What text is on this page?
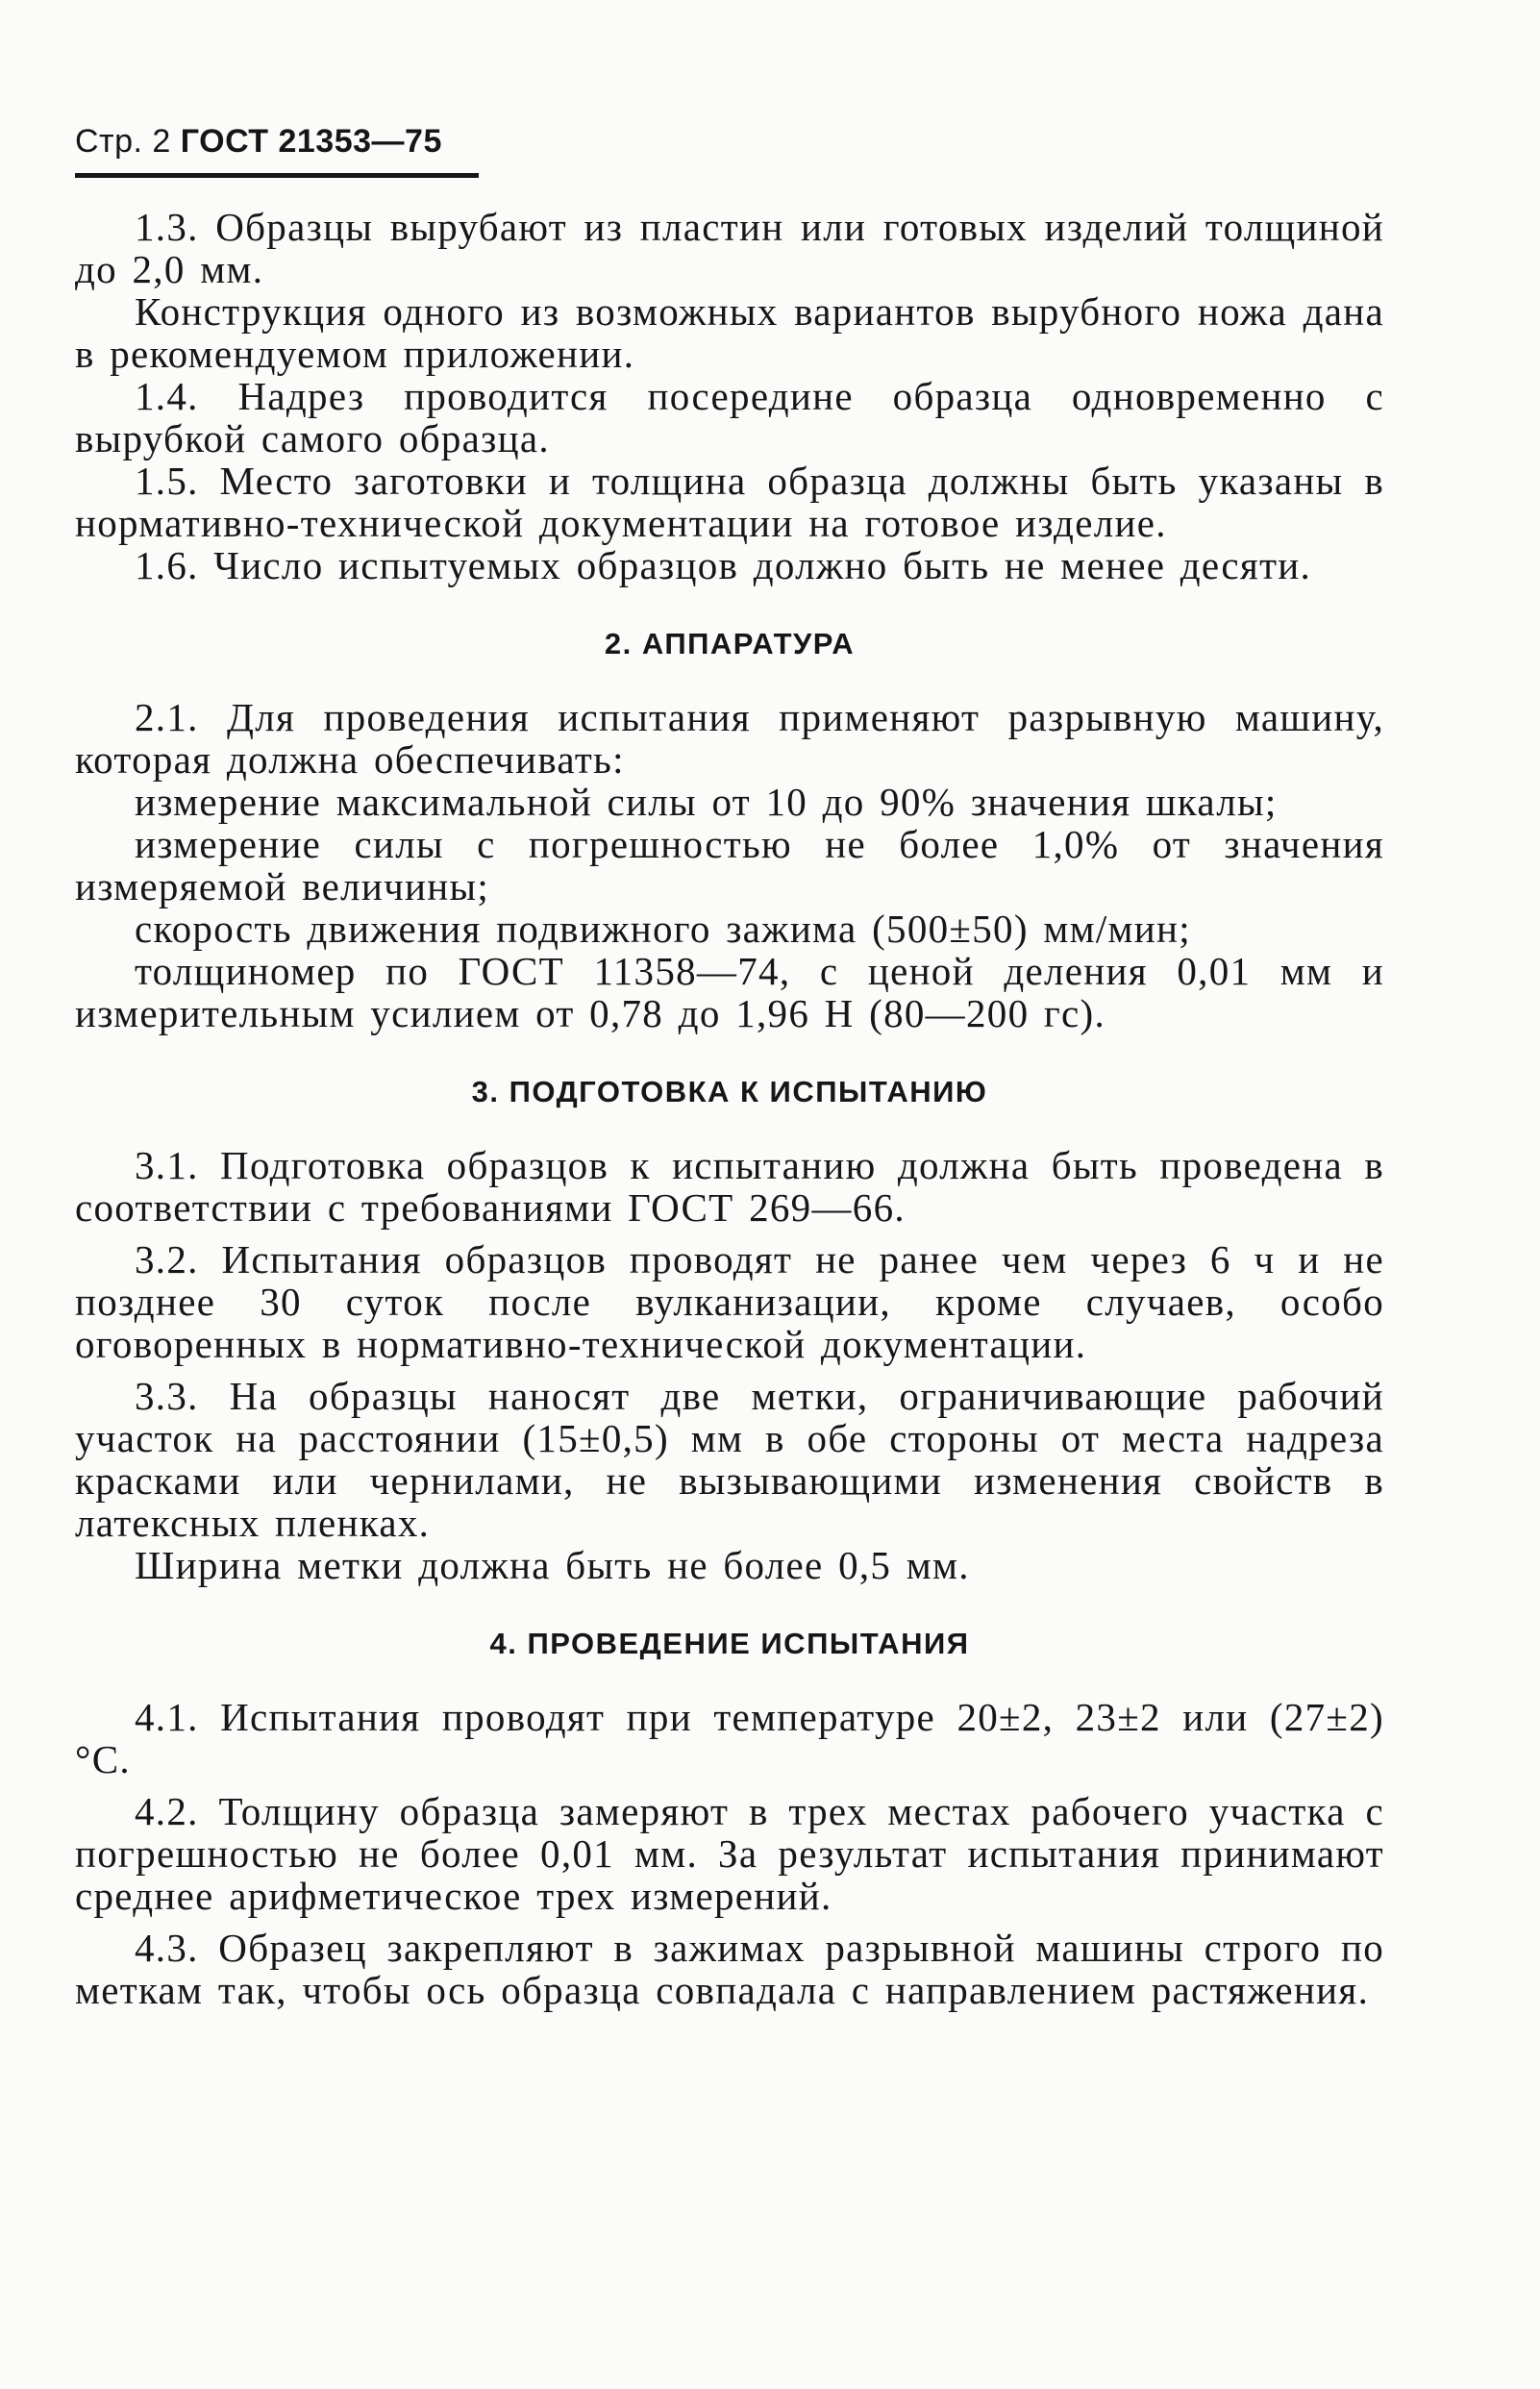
Стр. 2 ГОСТ 21353—75

1.3. Образцы вырубают из пластин или готовых изделий толщиной до 2,0 мм.

Конструкция одного из возможных вариантов вырубного ножа дана в рекомендуемом приложении.

1.4. Надрез проводится посередине образца одновременно с вырубкой самого образца.

1.5. Место заготовки и толщина образца должны быть указаны в нормативно-технической документации на готовое изделие.

1.6. Число испытуемых образцов должно быть не менее десяти.

2. АППАРАТУРА

2.1. Для проведения испытания применяют разрывную машину, которая должна обеспечивать:

измерение максимальной силы от 10 до 90% значения шкалы;

измерение силы с погрешностью не более 1,0% от значения измеряемой величины;

скорость движения подвижного зажима (500±50) мм/мин;

толщиномер по ГОСТ 11358—74, с ценой деления 0,01 мм и измерительным усилием от 0,78 до 1,96 Н (80—200 гс).

3. ПОДГОТОВКА К ИСПЫТАНИЮ

3.1. Подготовка образцов к испытанию должна быть проведена в соответствии с требованиями ГОСТ 269—66.

3.2. Испытания образцов проводят не ранее чем через 6 ч и не позднее 30 суток после вулканизации, кроме случаев, особо оговоренных в нормативно-технической документации.

3.3. На образцы наносят две метки, ограничивающие рабочий участок на расстоянии (15±0,5) мм в обе стороны от места надреза красками или чернилами, не вызывающими изменения свойств в латексных пленках.

Ширина метки должна быть не более 0,5 мм.

4. ПРОВЕДЕНИЕ ИСПЫТАНИЯ

4.1. Испытания проводят при температуре 20±2, 23±2 или (27±2)°С.

4.2. Толщину образца замеряют в трех местах рабочего участка с погрешностью не более 0,01 мм. За результат испытания принимают среднее арифметическое трех измерений.

4.3. Образец закрепляют в зажимах разрывной машины строго по меткам так, чтобы ось образца совпадала с направлением растяжения.
